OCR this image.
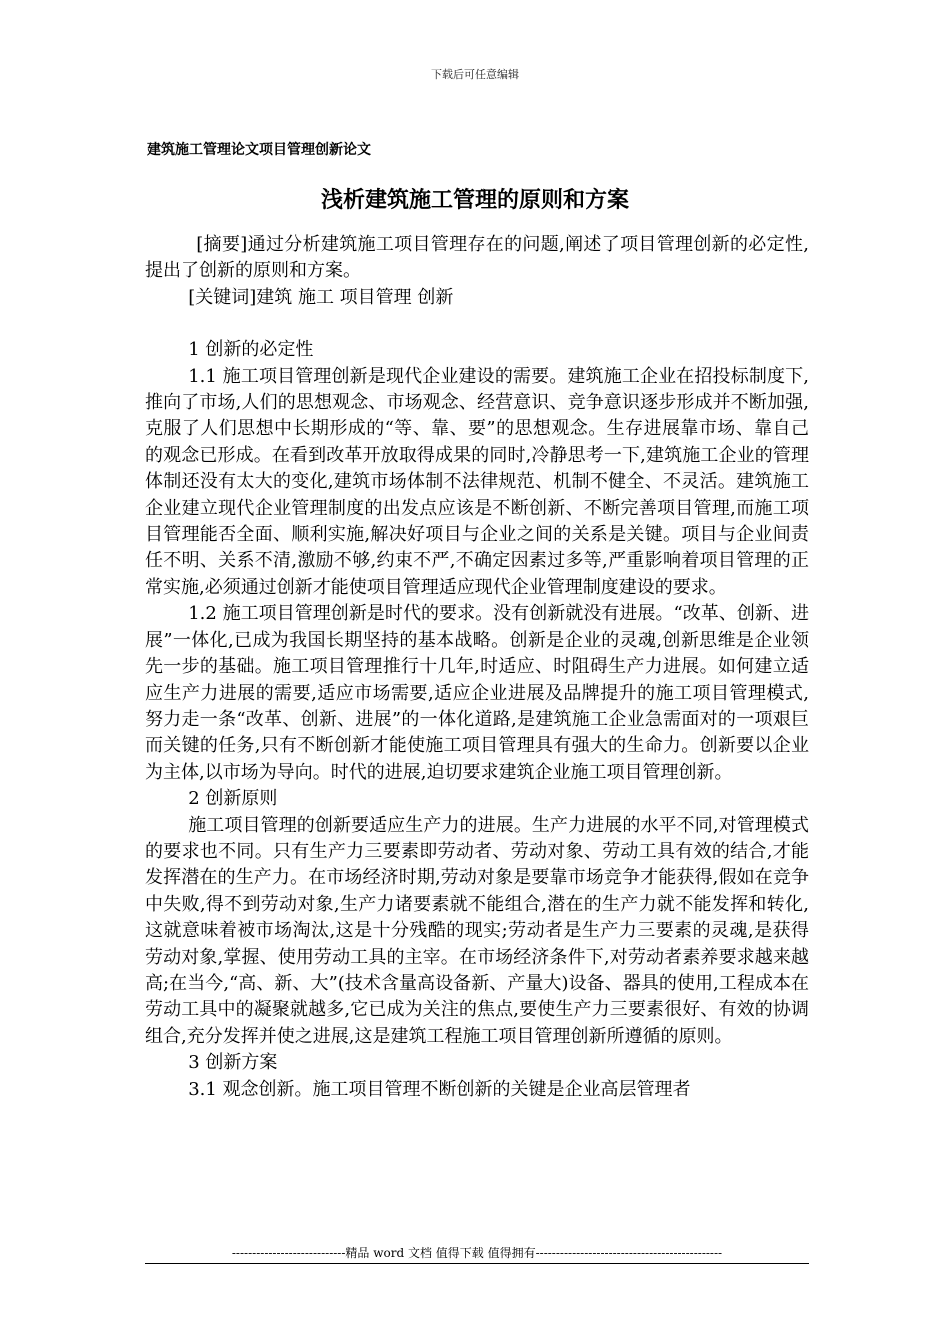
下载后可任意编辑
建筑施工管理论文项目管理创新论文
浅析建筑施工管理的原则和方案

[摘要]通过分析建筑施工项目管理存在的问题,阐述了项目管理创新的必定性,提出了创新的原则和方案。

[关键词]建筑 施工 项目管理 创新

1 创新的必定性

1.1 施工项目管理创新是现代企业建设的需要。建筑施工企业在招投标制度下,推向了市场,人们的思想观念、市场观念、经营意识、竞争意识逐步形成并不断加强,克服了人们思想中长期形成的“等、靠、要”的思想观念。生存进展靠市场、靠自己的观念已形成。在看到改革开放取得成果的同时,冷静思考一下,建筑施工企业的管理体制还没有太大的变化,建筑市场体制不法律规范、机制不健全、不灵活。建筑施工企业建立现代企业管理制度的出发点应该是不断创新、不断完善项目管理,而施工项目管理能否全面、顺利实施,解决好项目与企业之间的关系是关键。项目与企业间责任不明、关系不清,激励不够,约束不严,不确定因素过多等,严重影响着项目管理的正常实施,必须通过创新才能使项目管理适应现代企业管理制度建设的要求。

1.2 施工项目管理创新是时代的要求。没有创新就没有进展。“改革、创新、进展”一体化,已成为我国长期坚持的基本战略。创新是企业的灵魂,创新思维是企业领先一步的基础。施工项目管理推行十几年,时适应、时阻碍生产力进展。如何建立适应生产力进展的需要,适应市场需要,适应企业进展及品牌提升的施工项目管理模式,努力走一条“改革、创新、进展”的一体化道路,是建筑施工企业急需面对的一项艰巨而关键的任务,只有不断创新才能使施工项目管理具有强大的生命力。创新要以企业为主体,以市场为导向。时代的进展,迫切要求建筑企业施工项目管理创新。

2 创新原则

施工项目管理的创新要适应生产力的进展。生产力进展的水平不同,对管理模式的要求也不同。只有生产力三要素即劳动者、劳动对象、劳动工具有效的结合,才能发挥潜在的生产力。在市场经济时期,劳动对象是要靠市场竞争才能获得,假如在竞争中失败,得不到劳动对象,生产力诸要素就不能组合,潜在的生产力就不能发挥和转化,这就意味着被市场淘汰,这是十分残酷的现实;劳动者是生产力三要素的灵魂,是获得劳动对象,掌握、使用劳动工具的主宰。在市场经济条件下,对劳动者素养要求越来越高;在当今,“高、新、大”(技术含量高设备新、产量大)设备、器具的使用,工程成本在劳动工具中的凝聚就越多,它已成为关注的焦点,要使生产力三要素很好、有效的协调组合,充分发挥并使之进展,这是建筑工程施工项目管理创新所遵循的原则。

3 创新方案

3.1 观念创新。施工项目管理不断创新的关键是企业高层管理者

----------------------------精品 word 文档 值得下载 值得拥有----------------------------------------------
